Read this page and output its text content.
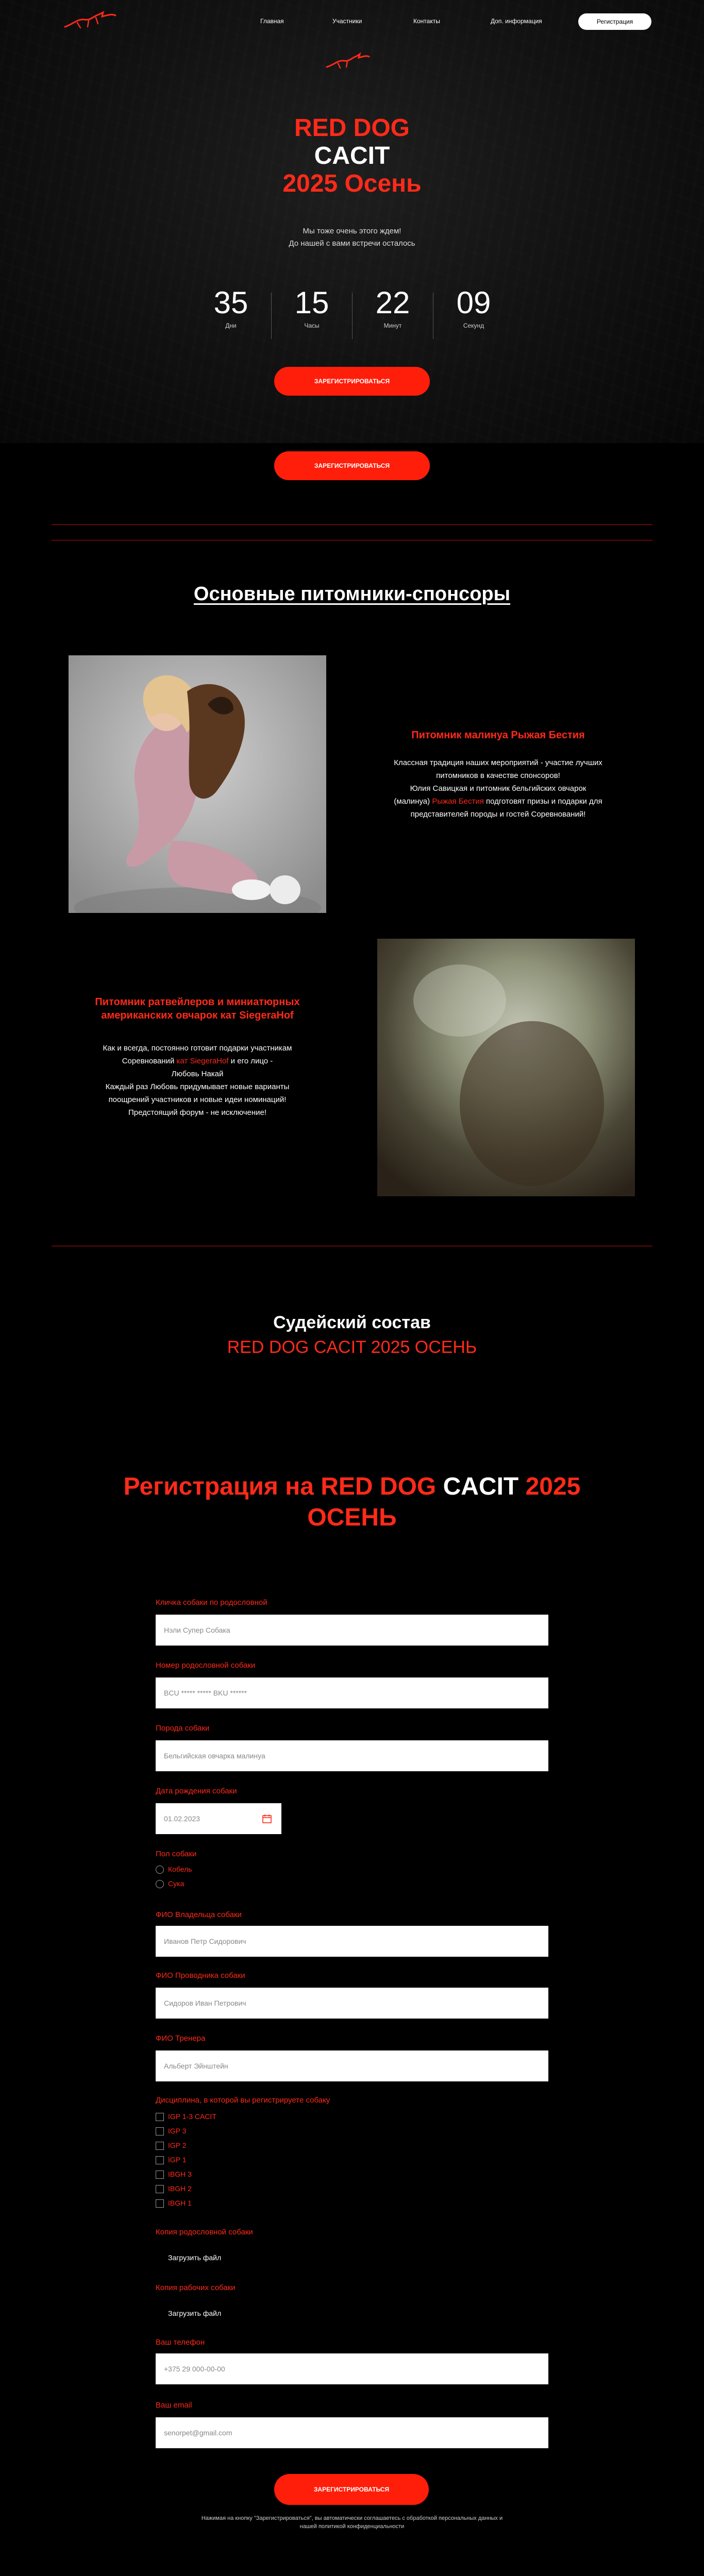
Главная	Участники	Контакты	Доп. информация	Регистрация
RED DOG
CACIT
2025 Осень
Мы тоже очень этого ждем!
До нашей с вами встречи осталось
35
Дни
15
Часы
22
Минут
09
Секунд
ЗАРЕГИСТРИРОВАТЬСЯ
ЗАРЕГИСТРИРОВАТЬСЯ
Основные питомники-спонсоры
Питомник малинуа Рыжая Бестия
Классная традиция наших мероприятий - участие лучших
питомников в качестве спонсоров!
Юлия Савицкая и питомник бельгийских овчарок
(малинуа) Рыжая Бестия подготовят призы и подарки для
представителей породы и гостей Соревнований!
Питомник ратвейлеров и миниатюрных
американских овчарок кат SiegeraHof
Как и всегда, постоянно готовит подарки участникам
Соревнований кат SiegeraHof и его лицо -
Любовь Накай
Каждый раз Любовь придумывает новые варианты
поощрений участников и новые идеи номинаций!
Предстоящий форум - не исключение!
Судейский состав
RED DOG CACIT 2025 ОСЕНЬ
Регистрация на RED DOG CACIT 2025
ОСЕНЬ
Кличка собаки по родословной
Нэли Супер Собака
Номер родословной собаки
BCU ***** ***** BKU ******
Порода собаки
Бельгийская овчарка малинуа
Дата рождения собаки
01.02.2023
Пол собаки
Кобель
Сука
ФИО Владельца собаки
Иванов Петр Сидорович
ФИО Проводника собаки
Сидоров Иван Петрович
ФИО Тренера
Альберт Эйнштейн
Дисциплина, в которой вы регистрируете собаку
IGP 1-3 CACIT
IGP 3
IGP 2
IGP 1
IBGH 3
IBGH 2
IBGH 1
Копия родословной собаки
Загрузить файл
Копия рабочих собаки
Загрузить файл
Ваш телефон
+375 29 000-00-00
Ваш email
senorpet@gmail.com
ЗАРЕГИСТРИРОВАТЬСЯ
Нажимая на кнопку "Зарегистрироваться", вы автоматически соглашаетесь с обработкой персональных данных и
нашей политикой конфиденциальности
